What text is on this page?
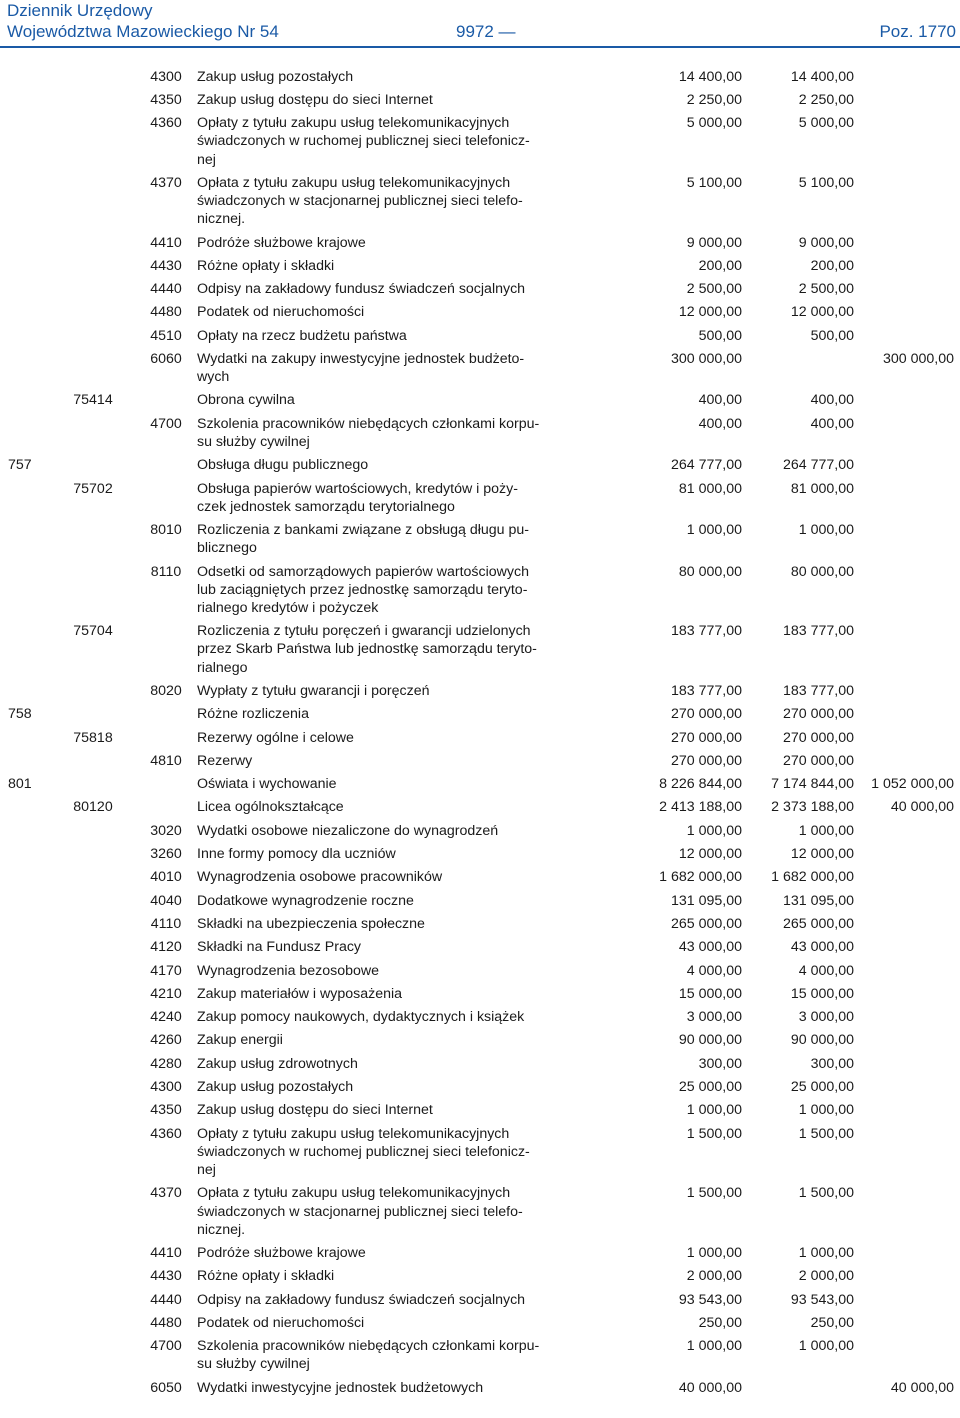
Dziennik Urzędowy
Województwa Mazowieckiego Nr 54	9972 —	Poz. 1770
		4300	Zakup usług pozostałych	14 400,00	14 400,00	
		4350	Zakup usług dostępu do sieci Internet	2 250,00	2 250,00	
		4360	Opłaty z tytułu zakupu usług telekomunikacyjnych
świadczonych w ruchomej publicznej sieci telefonicz-
nej	5 000,00	5 000,00	
		4370	Opłata z tytułu zakupu usług telekomunikacyjnych
świadczonych w stacjonarnej publicznej sieci telefo-
nicznej.	5 100,00	5 100,00	
		4410	Podróże służbowe krajowe	9 000,00	9 000,00	
		4430	Różne opłaty i składki	200,00	200,00	
		4440	Odpisy na zakładowy fundusz świadczeń socjalnych	2 500,00	2 500,00	
		4480	Podatek od nieruchomości	12 000,00	12 000,00	
		4510	Opłaty na rzecz budżetu państwa	500,00	500,00	
		6060	Wydatki na zakupy inwestycyjne jednostek budżeto-
wych	300 000,00		300 000,00
	75414		Obrona cywilna	400,00	400,00	
		4700	Szkolenia pracowników niebędących członkami korpu-
su służby cywilnej	400,00	400,00	
757			Obsługa długu publicznego	264 777,00	264 777,00	
	75702		Obsługa papierów wartościowych, kredytów i poży-
czek jednostek samorządu terytorialnego	81 000,00	81 000,00	
		8010	Rozliczenia z bankami związane z obsługą długu pu-
blicznego	1 000,00	1 000,00	
		8110	Odsetki od samorządowych papierów wartościowych
lub zaciągniętych przez jednostkę samorządu teryto-
rialnego kredytów i pożyczek	80 000,00	80 000,00	
	75704		Rozliczenia z tytułu poręczeń i gwarancji udzielonych
przez Skarb Państwa lub jednostkę samorządu teryto-
rialnego	183 777,00	183 777,00	
		8020	Wypłaty z tytułu gwarancji i poręczeń	183 777,00	183 777,00	
758			Różne rozliczenia	270 000,00	270 000,00	
	75818		Rezerwy ogólne i celowe	270 000,00	270 000,00	
		4810	Rezerwy	270 000,00	270 000,00	
801			Oświata i wychowanie	8 226 844,00	7 174 844,00	1 052 000,00
	80120		Licea ogólnokształcące	2 413 188,00	2 373 188,00	40 000,00
		3020	Wydatki osobowe niezaliczone do wynagrodzeń	1 000,00	1 000,00	
		3260	Inne formy pomocy dla uczniów	12 000,00	12 000,00	
		4010	Wynagrodzenia osobowe pracowników	1 682 000,00	1 682 000,00	
		4040	Dodatkowe wynagrodzenie roczne	131 095,00	131 095,00	
		4110	Składki na ubezpieczenia społeczne	265 000,00	265 000,00	
		4120	Składki na Fundusz Pracy	43 000,00	43 000,00	
		4170	Wynagrodzenia bezosobowe	4 000,00	4 000,00	
		4210	Zakup materiałów i wyposażenia	15 000,00	15 000,00	
		4240	Zakup pomocy naukowych, dydaktycznych i książek	3 000,00	3 000,00	
		4260	Zakup energii	90 000,00	90 000,00	
		4280	Zakup usług zdrowotnych	300,00	300,00	
		4300	Zakup usług pozostałych	25 000,00	25 000,00	
		4350	Zakup usług dostępu do sieci Internet	1 000,00	1 000,00	
		4360	Opłaty z tytułu zakupu usług telekomunikacyjnych
świadczonych w ruchomej publicznej sieci telefonicz-
nej	1 500,00	1 500,00	
		4370	Opłata z tytułu zakupu usług telekomunikacyjnych
świadczonych w stacjonarnej publicznej sieci telefo-
nicznej.	1 500,00	1 500,00	
		4410	Podróże służbowe krajowe	1 000,00	1 000,00	
		4430	Różne opłaty i składki	2 000,00	2 000,00	
		4440	Odpisy na zakładowy fundusz świadczeń socjalnych	93 543,00	93 543,00	
		4480	Podatek od nieruchomości	250,00	250,00	
		4700	Szkolenia pracowników niebędących członkami korpu-
su służby cywilnej	1 000,00	1 000,00	
		6050	Wydatki inwestycyjne jednostek budżetowych	40 000,00		40 000,00
